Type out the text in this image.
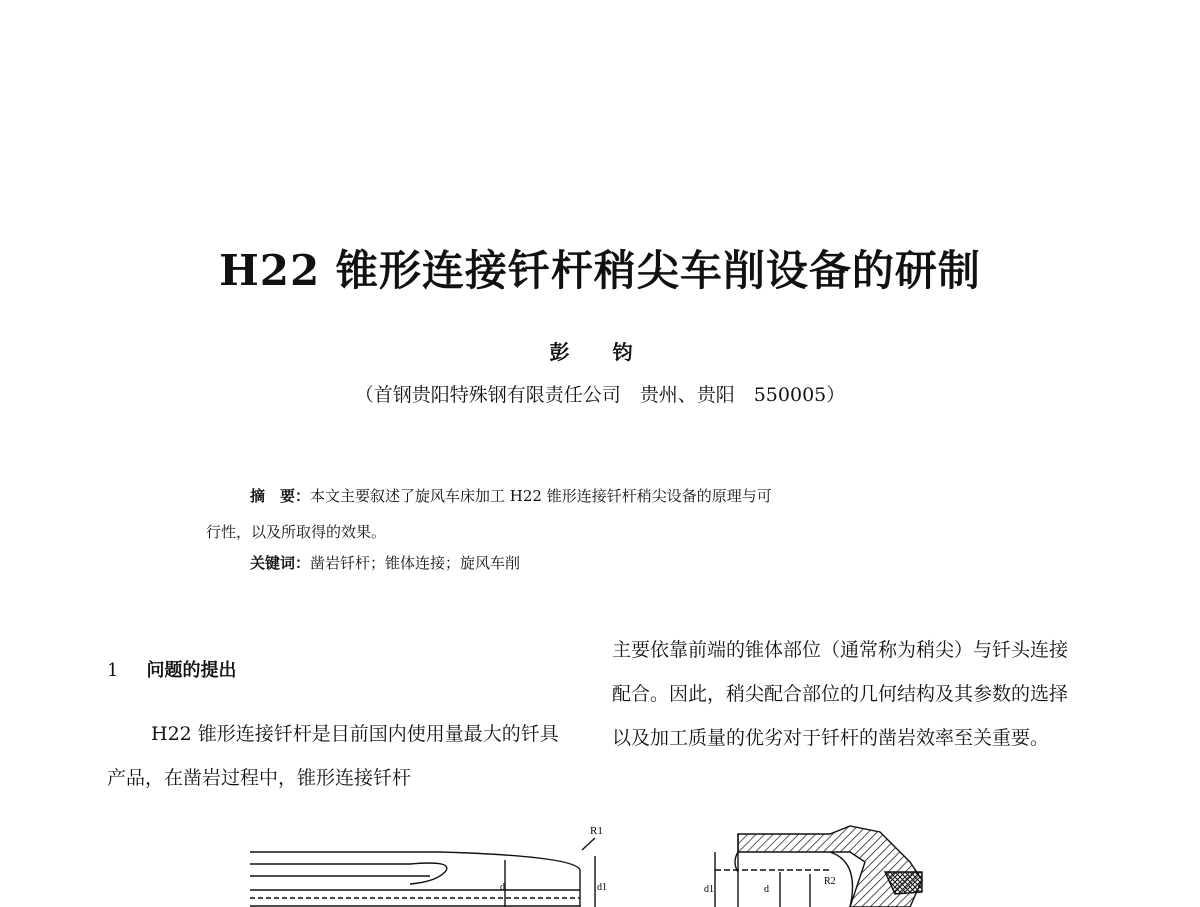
H22 锥形连接钎杆稍尖车削设备的研制
彭 钧
（首钢贵阳特殊钢有限责任公司　贵州、贵阳　550005）
摘　要：本文主要叙述了旋风车床加工 H22 锥形连接钎杆稍尖设备的原理与可
行性，以及所取得的效果。
关键词：凿岩钎杆；锥体连接；旋风车削
1 问题的提出

H22 锥形连接钎杆是目前国内使用量最大的钎具产品，在凿岩过程中，锥形连接钎杆

主要依靠前端的锥体部位（通常称为稍尖）与钎头连接配合。因此，稍尖配合部位的几何结构及其参数的选择以及加工质量的优劣对于钎杆的凿岩效率至关重要。

R1
d	d1	d1	d
R2
